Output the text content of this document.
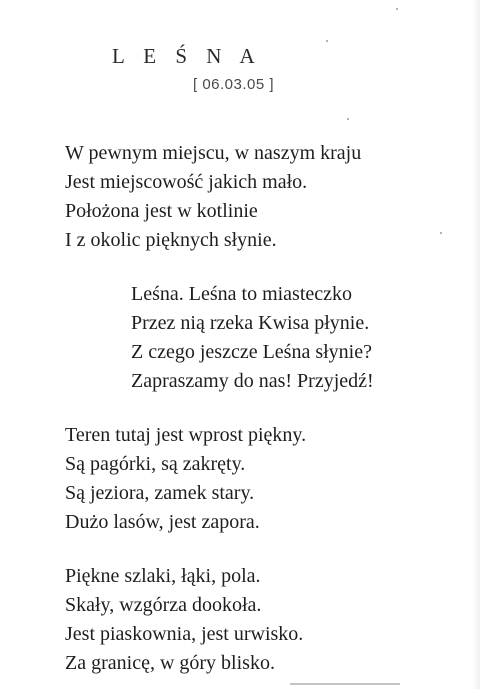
L E Ś N A
[ 06.03.05 ]
W pewnym miejscu, w naszym kraju
Jest miejscowość jakich mało.
Położona jest w kotlinie
I z okolic pięknych słynie.
Leśna. Leśna to miasteczko
Przez nią rzeka Kwisa płynie.
Z czego jeszcze Leśna słynie?
Zapraszamy do nas! Przyjedź!
Teren tutaj jest wprost piękny.
Są pagórki, są zakręty.
Są jeziora, zamek stary.
Dużo lasów, jest zapora.
Piękne szlaki, łąki, pola.
Skały, wzgórza dookoła.
Jest piaskownia, jest urwisko.
Za granicę, w góry blisko.
